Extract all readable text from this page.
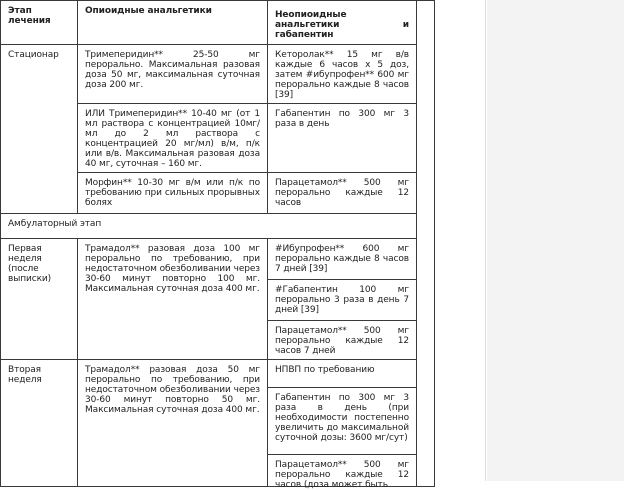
Этап лечения	Опиоидные анальгетики	Неопиоидные анальгетики и габапентин	
Стационар	Тримеперидин** 25-50 мг перорально. Максимальная разовая доза 50 мг, максимальная суточная доза 200 мг.	Кеторолак** 15 мг в/в каждые 6 часов х 5 доз, затем #ибупрофен** 600 мг перорально каждые 8 часов [39]	
	ИЛИ Тримеперидин** 10-40 мг (от 1 мл раствора с концентрацией 10мг/мл до 2 мл раствора с концентрацией 20 мг/мл) в/м, п/к или в/в. Максимальная разовая доза 40 мг, суточная – 160 мг.	Габапентин по 300 мг 3 раза в день	
	Морфин** 10-30 мг в/м или п/к по требованию при сильных прорывных болях	Парацетамол** 500 мг перорально каждые 12 часов	
Амбулаторный этап			
Первая неделя (после выписки)	Трамадол** разовая доза 100 мг перорально по требованию, при недостаточном обезболивании через 30-60 минут повторно 100 мг. Максимальная суточная доза 400 мг.	#Ибупрофен** 600 мг перорально каждые 8 часов 7 дней [39]	
		#Габапентин 100 мг перорально 3 раза в день 7 дней [39]	
		Парацетамол** 500 мг перорально каждые 12 часов 7 дней	
Вторая неделя	Трамадол** разовая доза 50 мг перорально по требованию, при недостаточном обезболивании через 30-60 минут повторно 50 мг. Максимальная суточная доза 400 мг.	НПВП по требованию	
		Габапентин по 300 мг 3 раза в день (при необходимости постепенно увеличить до максимальной суточной дозы: 3600 мг/сут)	

		Парацетамол** 500 мг перорально каждые 12 часов (доза может быть	
